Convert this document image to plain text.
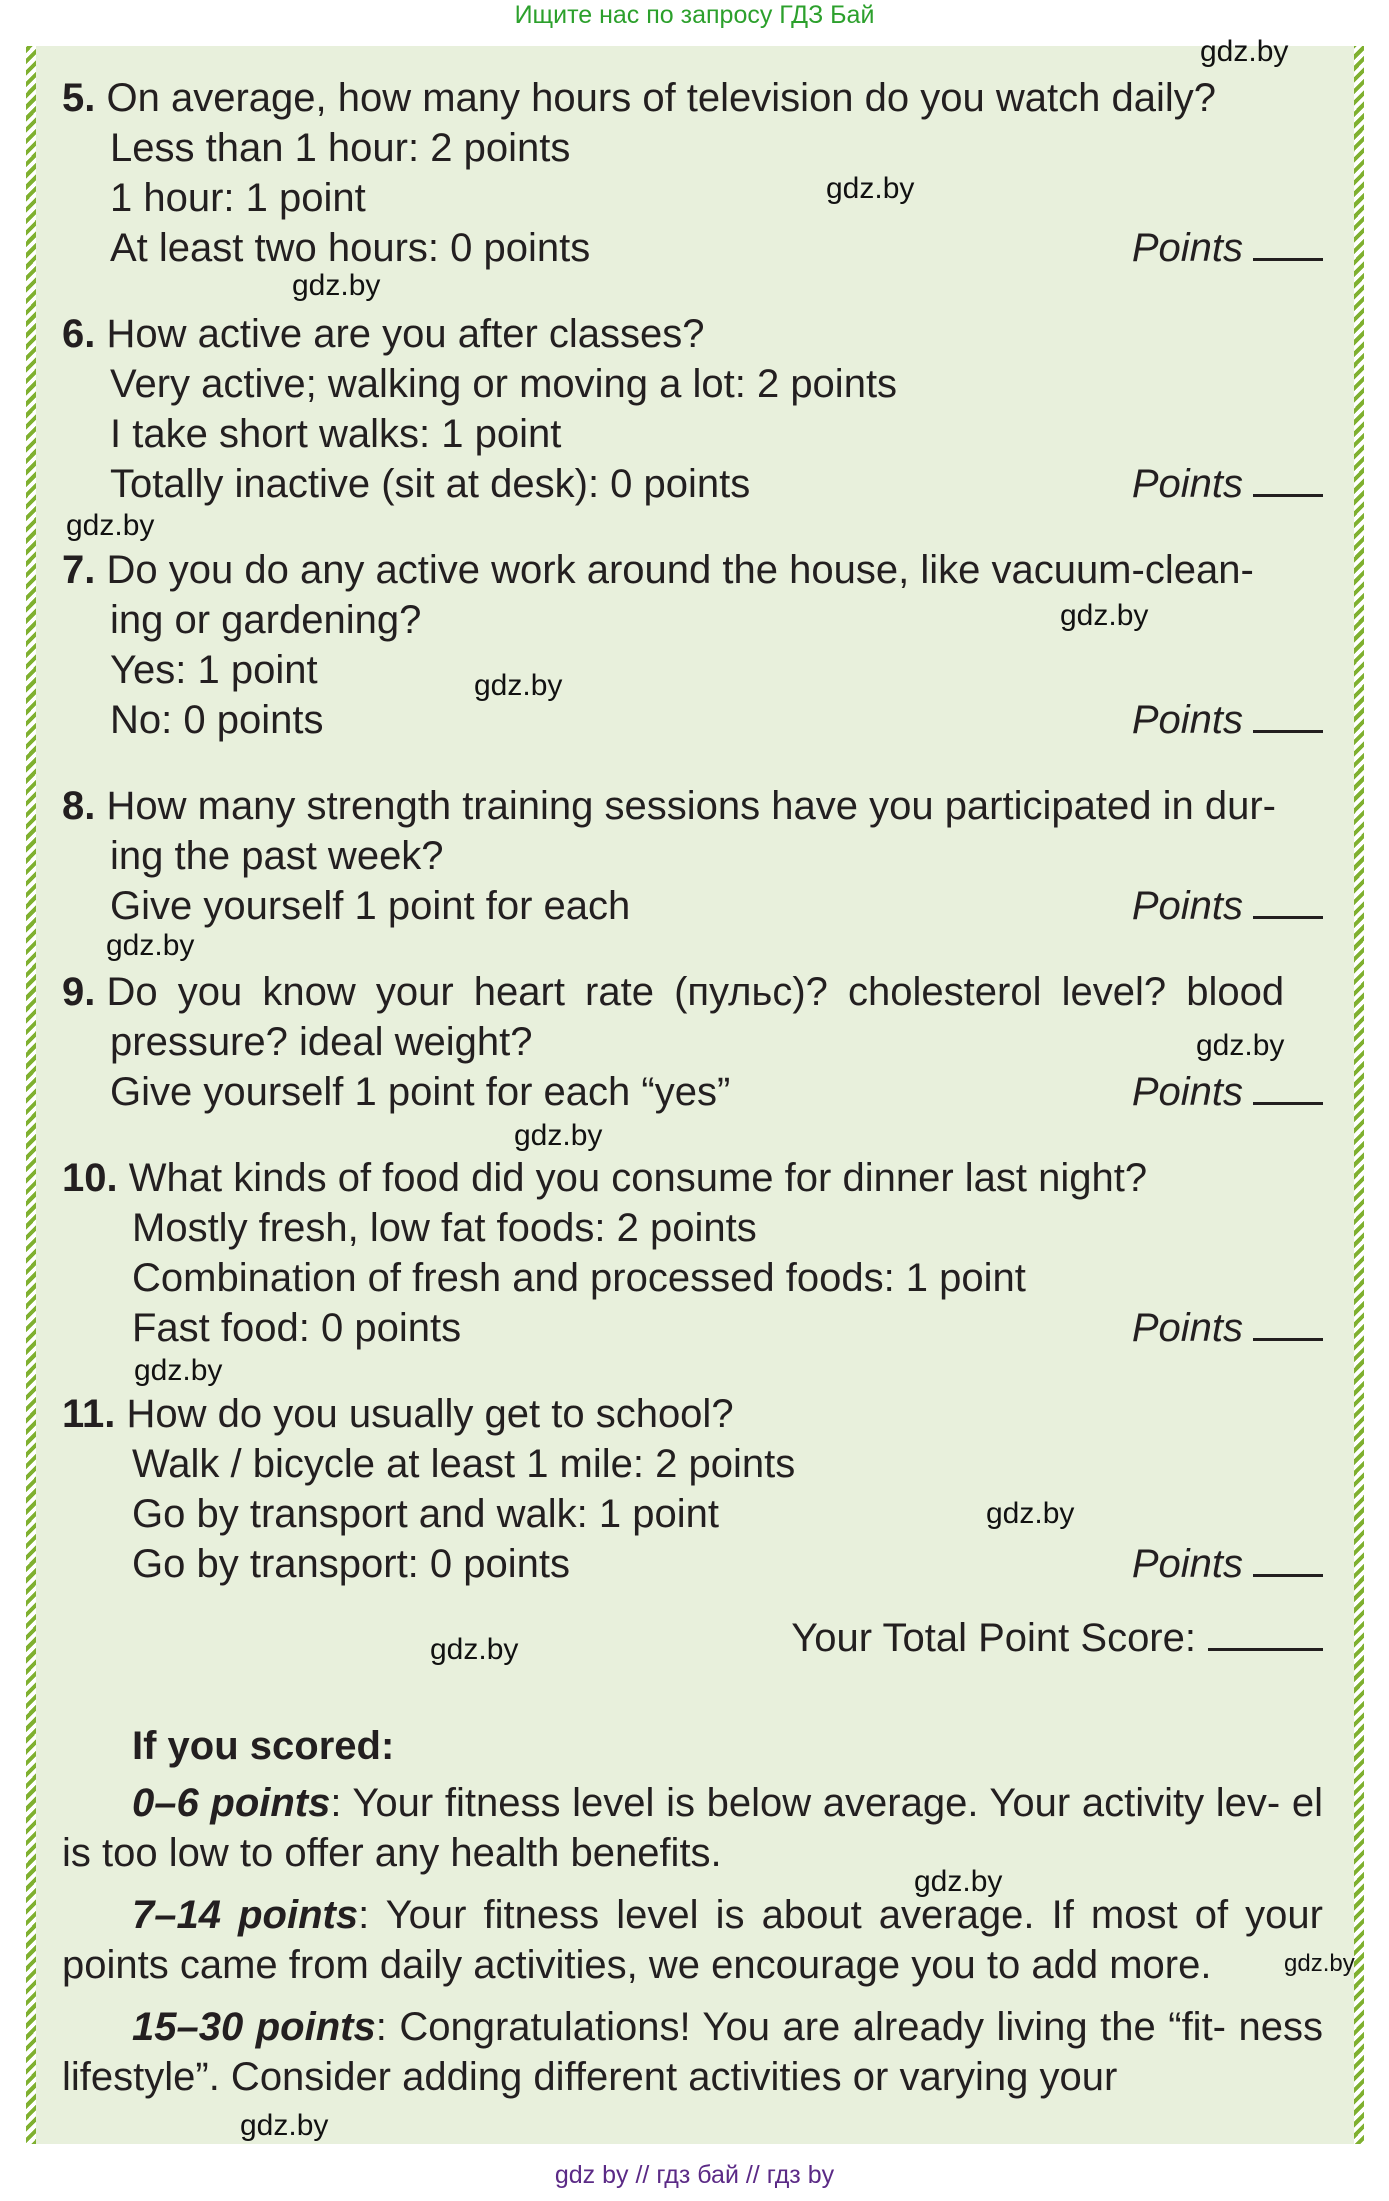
Ищите нас по запросу ГДЗ Бай
gdz.by
gdz.by
gdz.by
gdz.by
gdz.by
gdz.by
gdz.by
gdz.by
gdz.by
gdz.by
gdz.by
gdz.by
gdz.by
gdz.by
gdz.by
5. On average, how many hours of television do you watch daily?
Less than 1 hour: 2 points
1 hour: 1 point
At least two hours: 0 points	Points
6. How active are you after classes?
Very active; walking or moving a lot: 2 points
I take short walks: 1 point
Totally inactive (sit at desk): 0 points	Points
7. Do you do any active work around the house, like vacuum-clean-
ing or gardening?
Yes: 1 point
No: 0 points	Points
8. How many strength training sessions have you participated in dur-
ing the past week?
Give yourself 1 point for each	Points
9. Do you know your heart rate (пульс)? cholesterol level? blood
pressure? ideal weight?
Give yourself 1 point for each “yes”	Points
10. What kinds of food did you consume for dinner last night?
Mostly fresh, low fat foods: 2 points
Combination of fresh and processed foods: 1 point
Fast food: 0 points	Points
11. How do you usually get to school?
Walk / bicycle at least 1 mile: 2 points
Go by transport and walk: 1 point
Go by transport: 0 points	Points
Your Total Point Score:
If you scored:
0–6 points: Your fitness level is below average. Your activity lev- el is too low to offer any health benefits.
7–14 points: Your fitness level is about average. If most of your points came from daily activities, we encourage you to add more.
15–30 points: Congratulations! You are already living the “fit- ness lifestyle”. Consider adding different activities or varying your
gdz by // гдз бай // гдз by
